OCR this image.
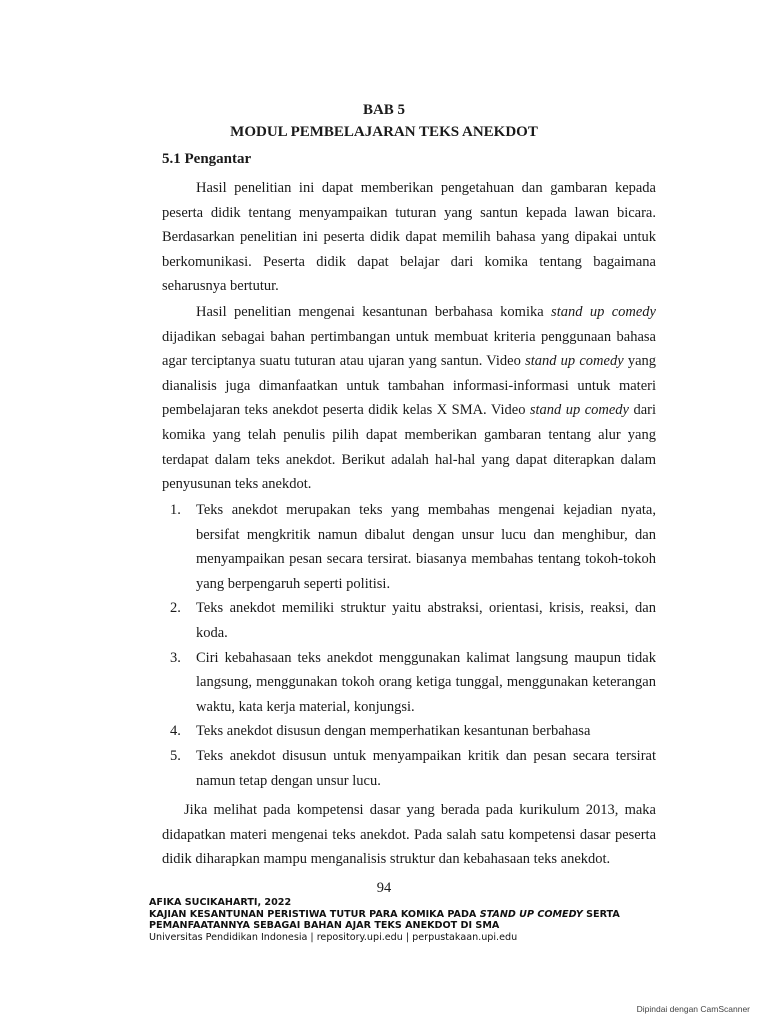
BAB 5
MODUL PEMBELAJARAN TEKS ANEKDOT
5.1 Pengantar

Hasil penelitian ini dapat memberikan pengetahuan dan gambaran kepada peserta didik tentang menyampaikan tuturan yang santun kepada lawan bicara. Berdasarkan penelitian ini peserta didik dapat memilih bahasa yang dipakai untuk berkomunikasi. Peserta didik dapat belajar dari komika tentang bagaimana seharusnya bertutur.

Hasil penelitian mengenai kesantunan berbahasa komika stand up comedy dijadikan sebagai bahan pertimbangan untuk membuat kriteria penggunaan bahasa agar terciptanya suatu tuturan atau ujaran yang santun. Video stand up comedy yang dianalisis juga dimanfaatkan untuk tambahan informasi-informasi untuk materi pembelajaran teks anekdot peserta didik kelas X SMA. Video stand up comedy dari komika yang telah penulis pilih dapat memberikan gambaran tentang alur yang terdapat dalam teks anekdot. Berikut adalah hal-hal yang dapat diterapkan dalam penyusunan teks anekdot.

1. Teks anekdot merupakan teks yang membahas mengenai kejadian nyata, bersifat mengkritik namun dibalut dengan unsur lucu dan menghibur, dan menyampaikan pesan secara tersirat. biasanya membahas tentang tokoh-tokoh yang berpengaruh seperti politisi.
2. Teks anekdot memiliki struktur yaitu abstraksi, orientasi, krisis, reaksi, dan koda.
3. Ciri kebahasaan teks anekdot menggunakan kalimat langsung maupun tidak langsung, menggunakan tokoh orang ketiga tunggal, menggunakan keterangan waktu, kata kerja material, konjungsi.
4. Teks anekdot disusun dengan memperhatikan kesantunan berbahasa
5. Teks anekdot disusun untuk menyampaikan kritik dan pesan secara tersirat namun tetap dengan unsur lucu.

Jika melihat pada kompetensi dasar yang berada pada kurikulum 2013, maka didapatkan materi mengenai teks anekdot. Pada salah satu kompetensi dasar peserta didik diharapkan mampu menganalisis struktur dan kebahasaan teks anekdot.

94
AFIKA SUCIKAHARTI, 2022
KAJIAN KESANTUNAN PERISTIWA TUTUR PARA KOMIKA PADA STAND UP COMEDY SERTA
PEMANFAATANNYA SEBAGAI BAHAN AJAR TEKS ANEKDOT DI SMA
Universitas Pendidikan Indonesia | repository.upi.edu | perpustakaan.upi.edu
Dipindai dengan CamScanner
